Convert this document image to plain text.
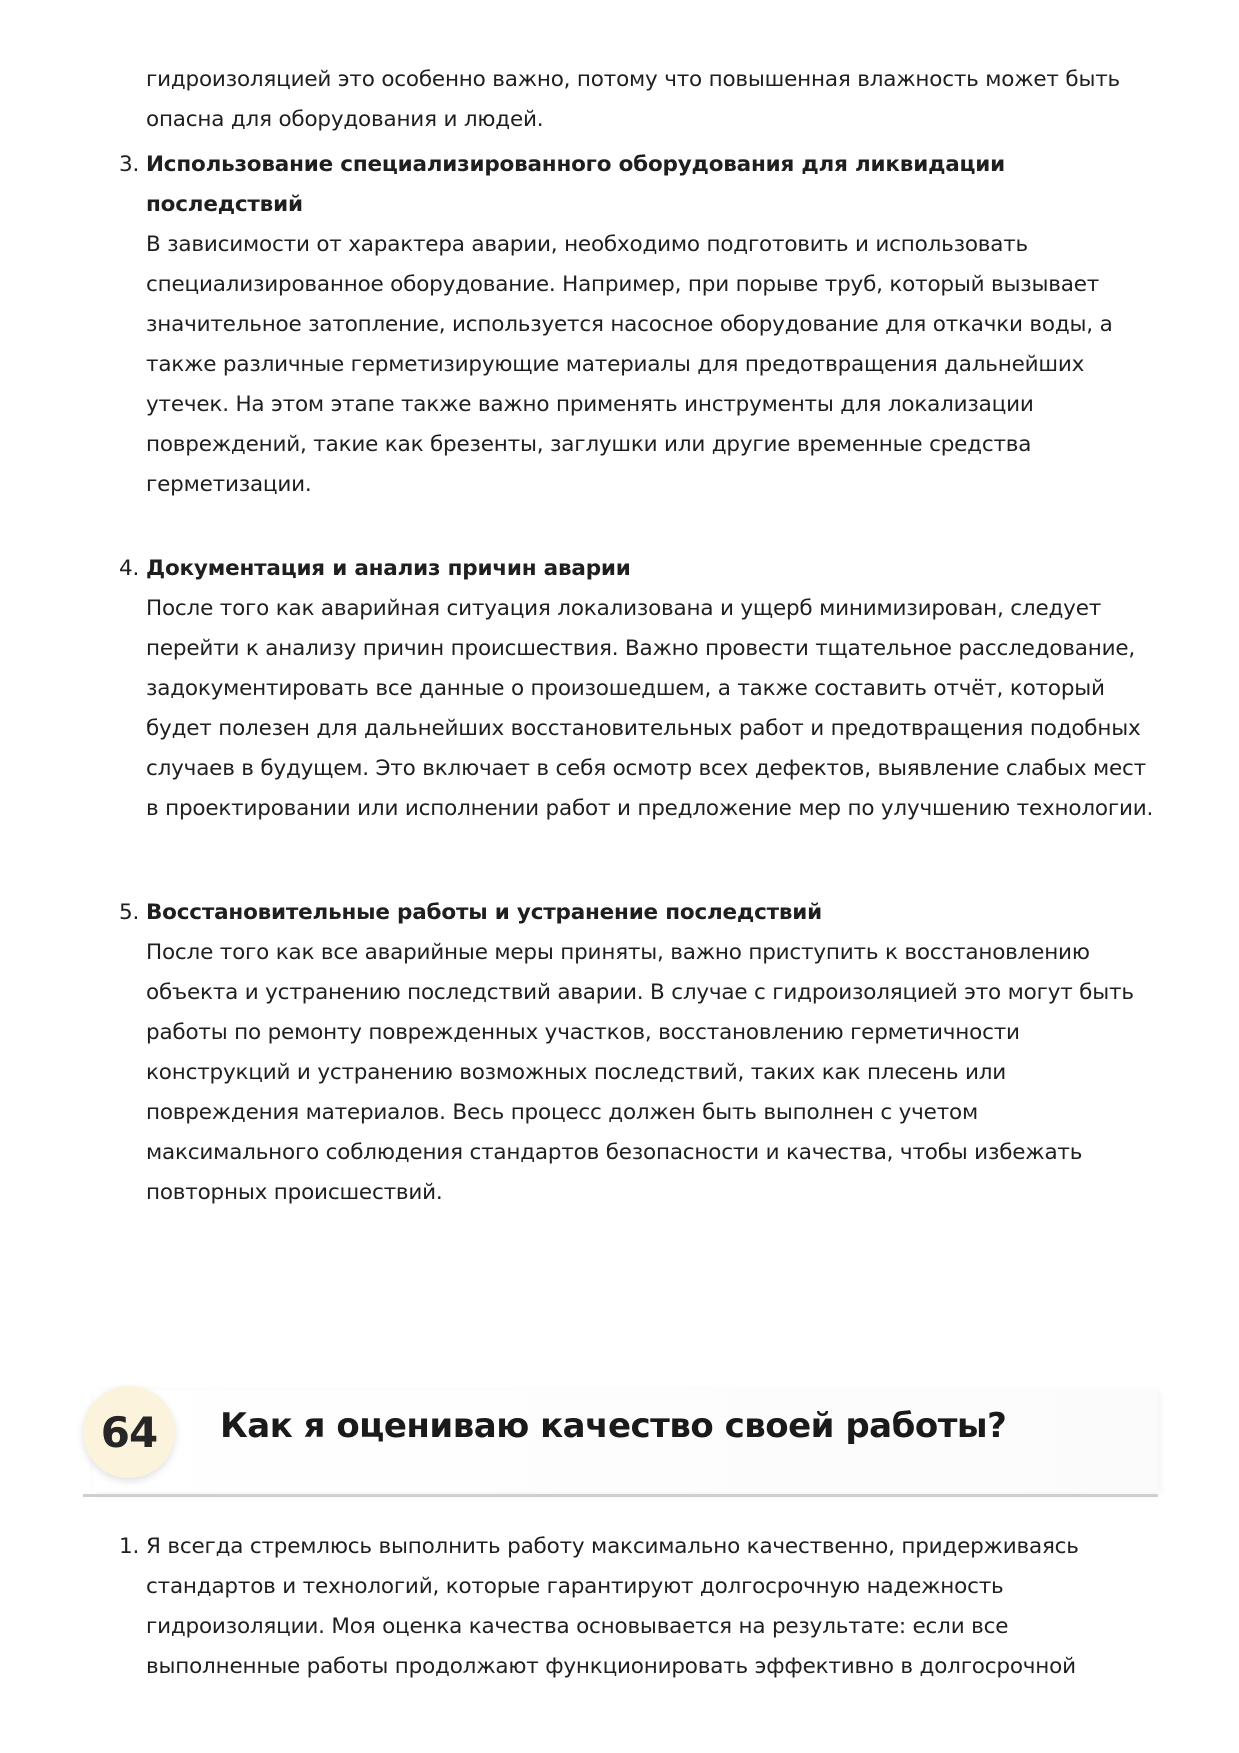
гидроизоляцией это особенно важно, потому что повышенная влажность может быть опасна для оборудования и людей.

3. Использование специализированного оборудования для ликвидации последствий
В зависимости от характера аварии, необходимо подготовить и использовать специализированное оборудование. Например, при порыве труб, который вызывает значительное затопление, используется насосное оборудование для откачки воды, а также различные герметизирующие материалы для предотвращения дальнейших утечек. На этом этапе также важно применять инструменты для локализации повреждений, такие как брезенты, заглушки или другие временные средства герметизации.
4. Документация и анализ причин аварии
После того как аварийная ситуация локализована и ущерб минимизирован, следует перейти к анализу причин происшествия. Важно провести тщательное расследование, задокументировать все данные о произошедшем, а также составить отчёт, который будет полезен для дальнейших восстановительных работ и предотвращения подобных случаев в будущем. Это включает в себя осмотр всех дефектов, выявление слабых мест в проектировании или исполнении работ и предложение мер по улучшению технологии.
5. Восстановительные работы и устранение последствий
После того как все аварийные меры приняты, важно приступить к восстановлению объекта и устранению последствий аварии. В случае с гидроизоляцией это могут быть работы по ремонту поврежденных участков, восстановлению герметичности конструкций и устранению возможных последствий, таких как плесень или повреждения материалов. Весь процесс должен быть выполнен с учетом максимального соблюдения стандартов безопасности и качества, чтобы избежать повторных происшествий.
64	Как я оцениваю качество своей работы?
1. Я всегда стремлюсь выполнить работу максимально качественно, придерживаясь стандартов и технологий, которые гарантируют долгосрочную надежность гидроизоляции. Моя оценка качества основывается на результате: если все выполненные работы продолжают функционировать эффективно в долгосрочной
